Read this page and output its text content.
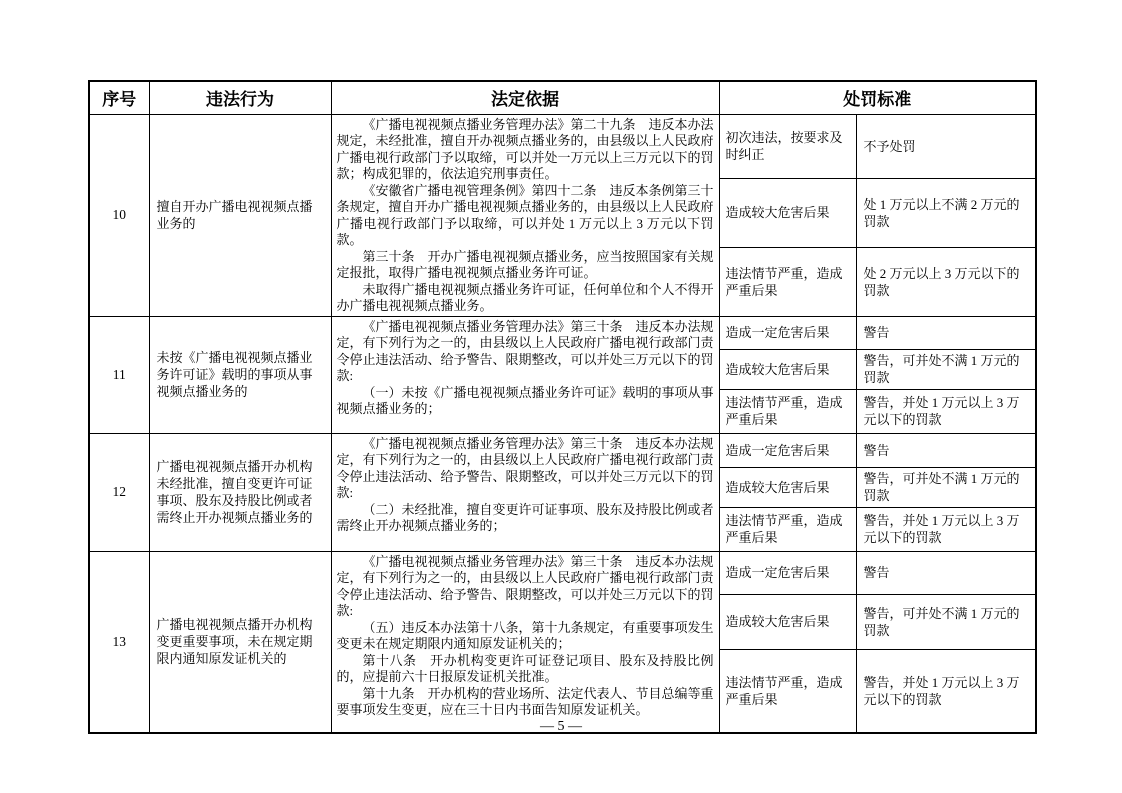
序号	违法行为	法定依据	处罚标准	
10	擅自开办广播电视视频点播业务的	《广播电视视频点播业务管理办法》第二十九条　违反本办法规定，未经批准，擅自开办视频点播业务的，由县级以上人民政府广播电视行政部门予以取缔，可以并处一万元以上三万元以下的罚款；构成犯罪的，依法追究刑事责任。

《安徽省广播电视管理条例》第四十二条　违反本条例第三十条规定，擅自开办广播电视视频点播业务的，由县级以上人民政府广播电视行政部门予以取缔，可以并处 1 万元以上 3 万元以下罚款。

第三十条　开办广播电视视频点播业务，应当按照国家有关规定报批，取得广播电视视频点播业务许可证。

未取得广播电视视频点播业务许可证，任何单位和个人不得开办广播电视视频点播业务。	初次违法，按要求及时纠正	不予处罚
			造成较大危害后果	处 1 万元以上不满 2 万元的罚款
			违法情节严重，造成严重后果	处 2 万元以上 3 万元以下的罚款
11	未按《广播电视视频点播业务许可证》载明的事项从事视频点播业务的	《广播电视视频点播业务管理办法》第三十条　违反本办法规定，有下列行为之一的，由县级以上人民政府广播电视行政部门责令停止违法活动、给予警告、限期整改，可以并处三万元以下的罚款:

（一）未按《广播电视视频点播业务许可证》载明的事项从事视频点播业务的；	造成一定危害后果	警告
			造成较大危害后果	警告，可并处不满 1 万元的罚款
			违法情节严重，造成严重后果	警告，并处 1 万元以上 3 万元以下的罚款
12	广播电视视频点播开办机构未经批准，擅自变更许可证事项、股东及持股比例或者需终止开办视频点播业务的	《广播电视视频点播业务管理办法》第三十条　违反本办法规定，有下列行为之一的，由县级以上人民政府广播电视行政部门责令停止违法活动、给予警告、限期整改，可以并处三万元以下的罚款:

（二）未经批准，擅自变更许可证事项、股东及持股比例或者需终止开办视频点播业务的；	造成一定危害后果	警告
			造成较大危害后果	警告，可并处不满 1 万元的罚款
			违法情节严重，造成严重后果	警告，并处 1 万元以上 3 万元以下的罚款
13	广播电视视频点播开办机构变更重要事项，未在规定期限内通知原发证机关的	《广播电视视频点播业务管理办法》第三十条　违反本办法规定，有下列行为之一的，由县级以上人民政府广播电视行政部门责令停止违法活动、给予警告、限期整改，可以并处三万元以下的罚款:

（五）违反本办法第十八条，第十九条规定，有重要事项发生变更未在规定期限内通知原发证机关的；

第十八条　开办机构变更许可证登记项目、股东及持股比例的，应提前六十日报原发证机关批准。

第十九条　开办机构的营业场所、法定代表人、节目总编等重要事项发生变更，应在三十日内书面告知原发证机关。	造成一定危害后果	警告
			造成较大危害后果	警告，可并处不满 1 万元的罚款
			违法情节严重，造成严重后果	警告，并处 1 万元以上 3 万元以下的罚款
— 5 —
